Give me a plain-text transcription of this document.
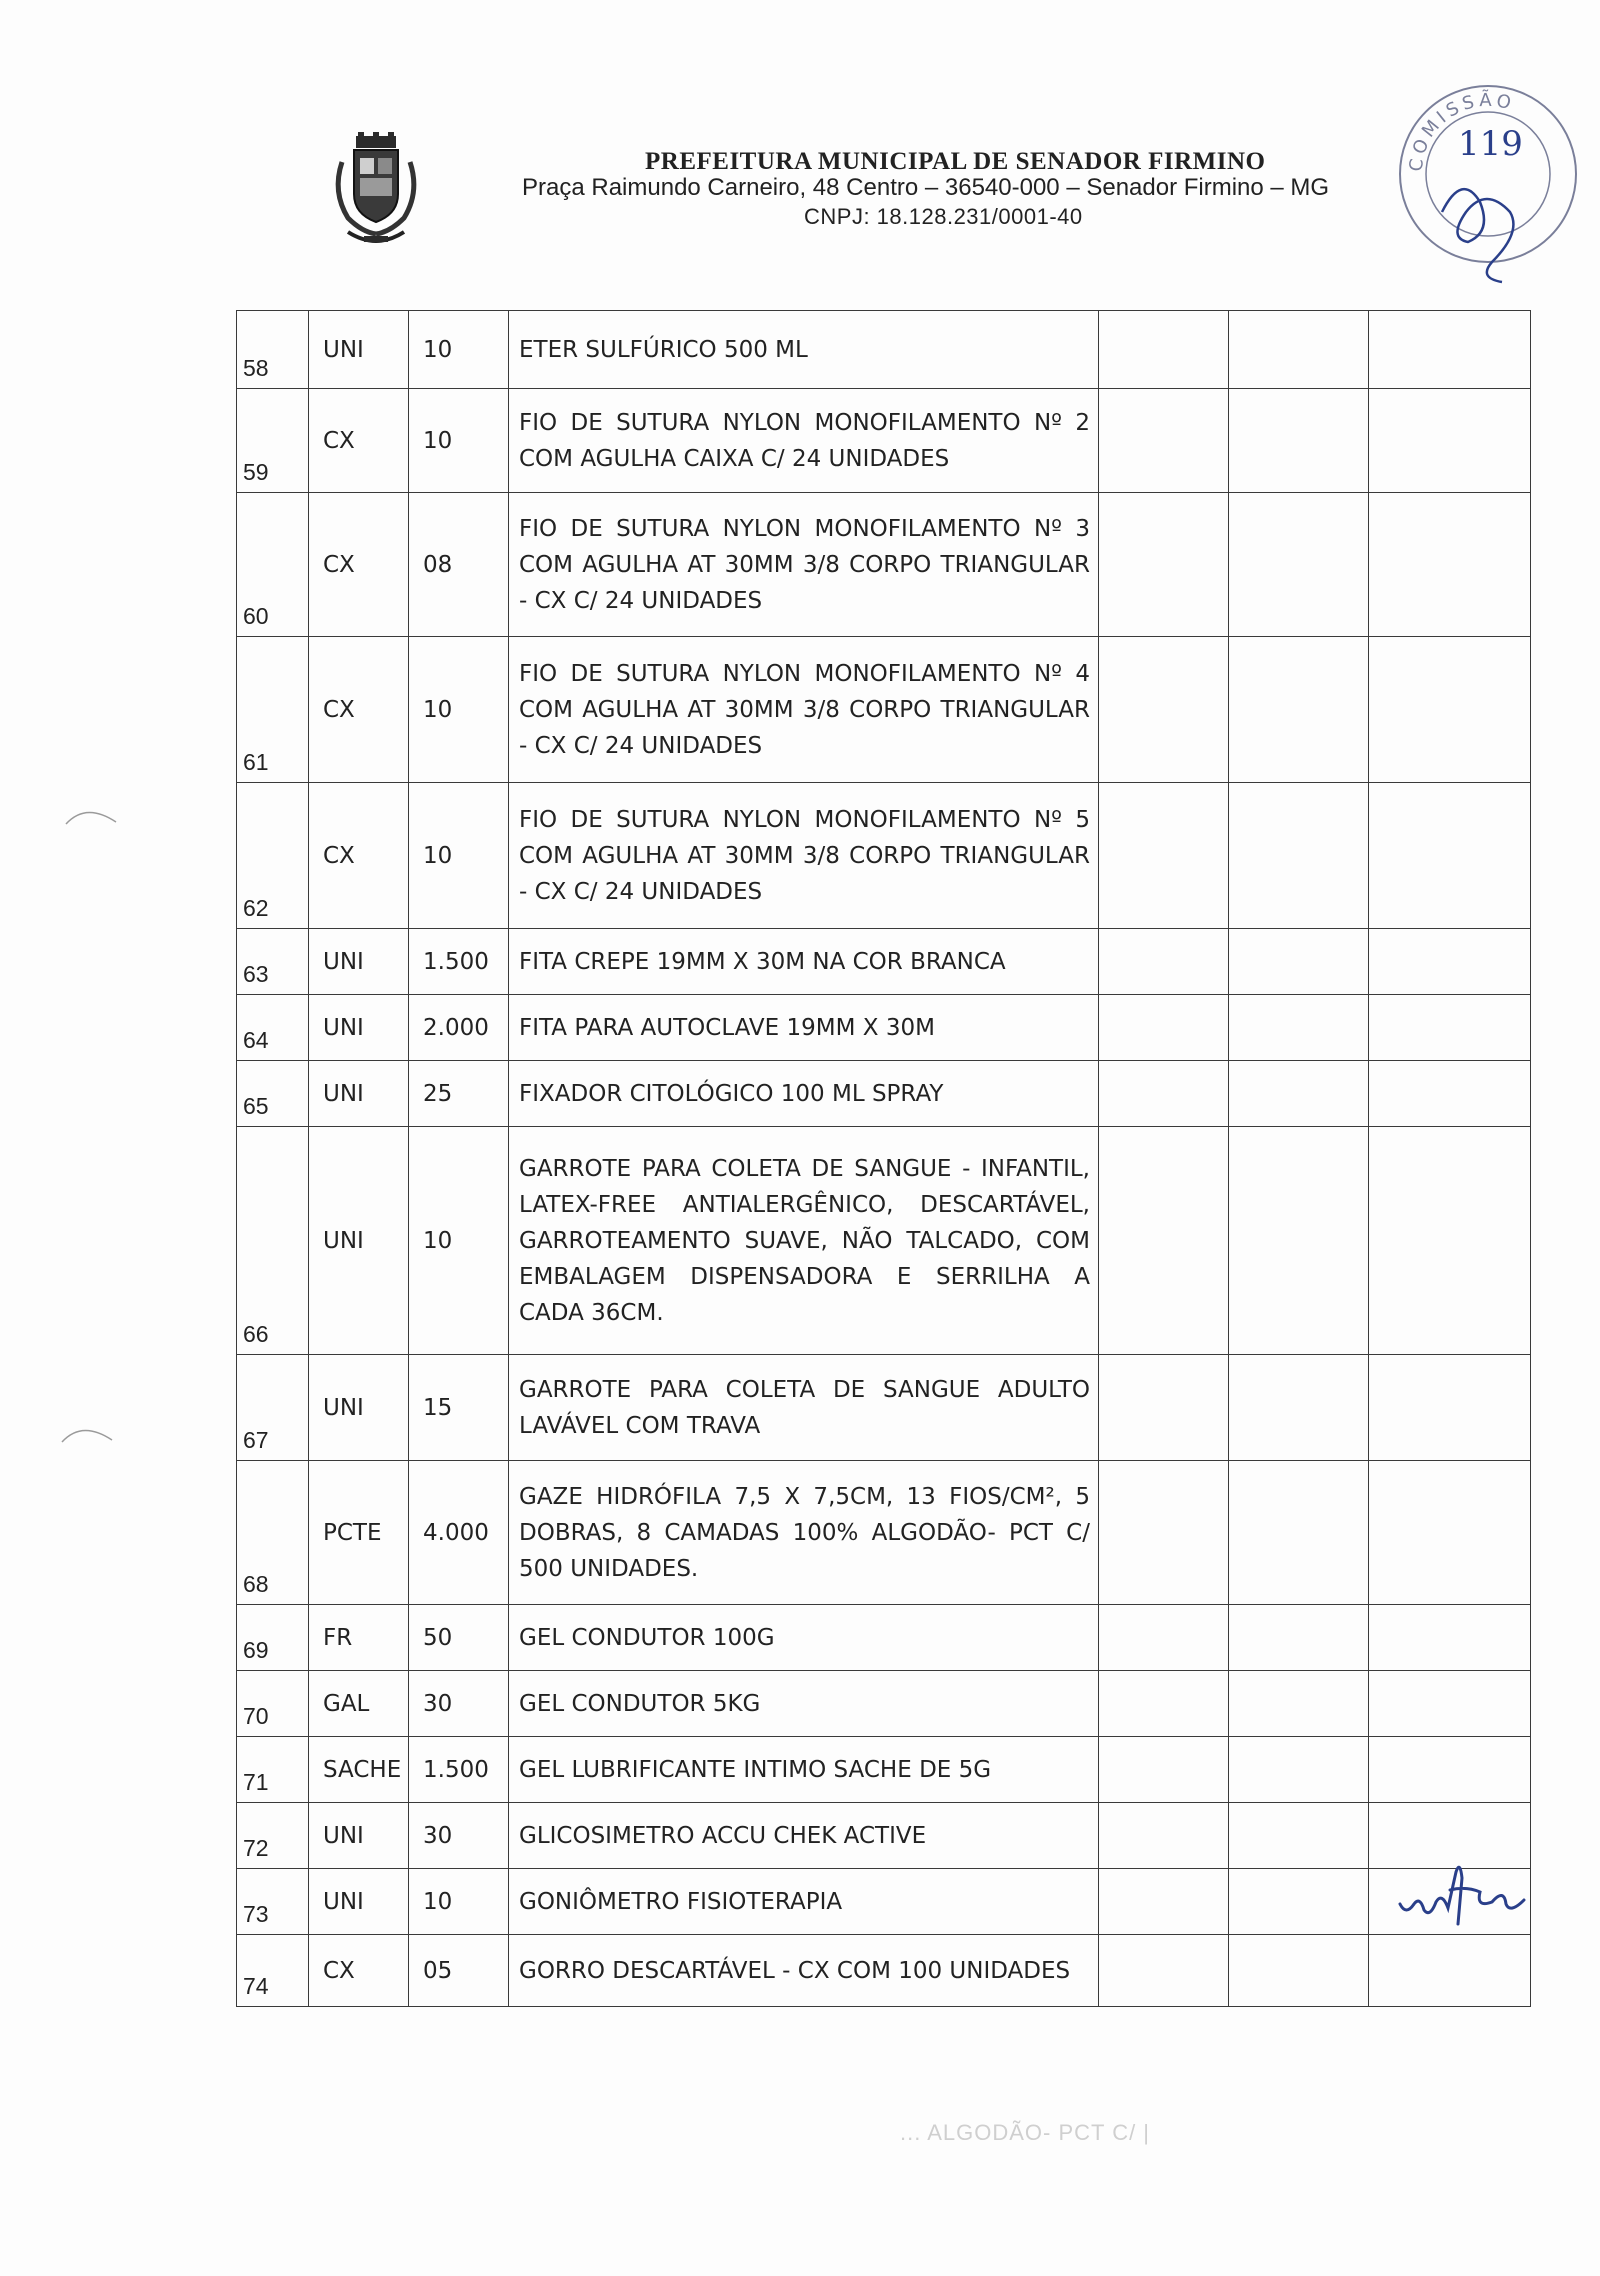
PREFEITURA MUNICIPAL DE SENADOR FIRMINO
Praça Raimundo Carneiro, 48 Centro – 36540-000 – Senador Firmino – MG
CNPJ: 18.128.231/0001-40
COMISSÃO
119
58	UNI	10	ETER SULFÚRICO 500 ML			
59	CX	10	FIO DE SUTURA NYLON MONOFILAMENTO Nº 2 COM AGULHA CAIXA C/ 24 UNIDADES			
60	CX	08	FIO DE SUTURA NYLON MONOFILAMENTO Nº 3 COM AGULHA AT 30MM 3/8 CORPO TRIANGULAR - CX C/ 24 UNIDADES			
61	CX	10	FIO DE SUTURA NYLON MONOFILAMENTO Nº 4 COM AGULHA AT 30MM 3/8 CORPO TRIANGULAR - CX C/ 24 UNIDADES			
62	CX	10	FIO DE SUTURA NYLON MONOFILAMENTO Nº 5 COM AGULHA AT 30MM 3/8 CORPO TRIANGULAR - CX C/ 24 UNIDADES			
63	UNI	1.500	FITA CREPE 19MM X 30M NA COR BRANCA			
64	UNI	2.000	FITA PARA AUTOCLAVE 19MM X 30M			
65	UNI	25	FIXADOR CITOLÓGICO 100 ML SPRAY			
66	UNI	10	GARROTE PARA COLETA DE SANGUE - INFANTIL, LATEX-FREE ANTIALERGÊNICO, DESCARTÁVEL, GARROTEAMENTO SUAVE, NÃO TALCADO, COM EMBALAGEM DISPENSADORA E SERRILHA A CADA 36CM.			
67	UNI	15	GARROTE PARA COLETA DE SANGUE ADULTO LAVÁVEL COM TRAVA			
68	PCTE	4.000	GAZE HIDRÓFILA 7,5 X 7,5CM, 13 FIOS/CM², 5 DOBRAS, 8 CAMADAS 100% ALGODÃO- PCT C/ 500 UNIDADES.			
69	FR	50	GEL CONDUTOR 100G			
70	GAL	30	GEL CONDUTOR 5KG			
71	SACHE	1.500	GEL LUBRIFICANTE INTIMO SACHE DE 5G			
72	UNI	30	GLICOSIMETRO ACCU CHEK ACTIVE			
73	UNI	10	GONIÔMETRO FISIOTERAPIA			
74	CX	05	GORRO DESCARTÁVEL - CX COM 100 UNIDADES			
... ALGODÃO- PCT C/ |
